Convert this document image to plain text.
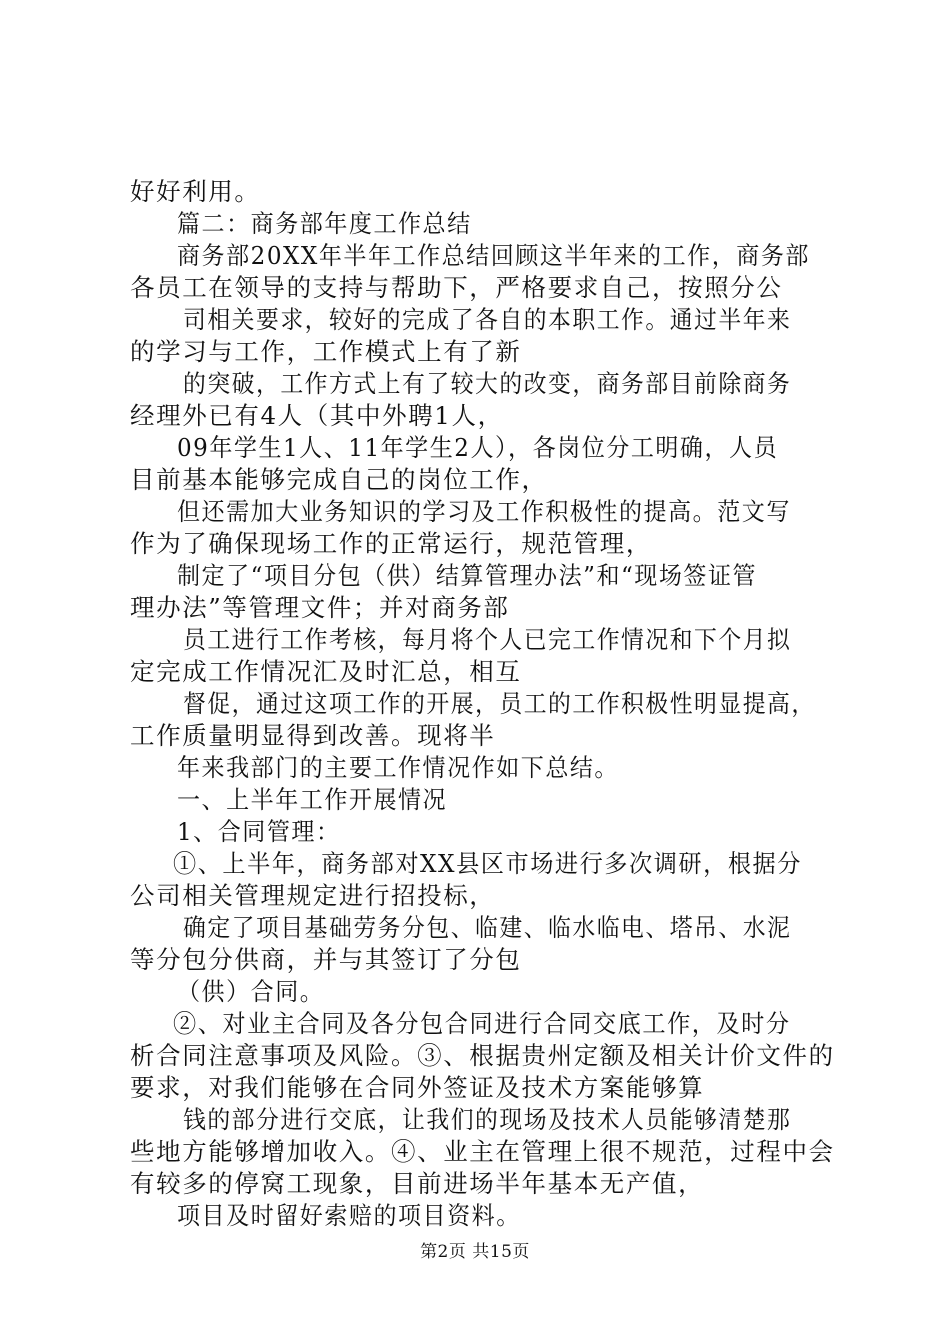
好好利用。
篇二：商务部年度工作总结
商务部20XX年半年工作总结回顾这半年来的工作，商务部
各员工在领导的支持与帮助下，严格要求自己，按照分公
司相关要求，较好的完成了各自的本职工作。通过半年来
的学习与工作，工作模式上有了新
的突破，工作方式上有了较大的改变，商务部目前除商务
经理外已有4人（其中外聘1人，
09年学生1人、11年学生2人），各岗位分工明确，人员
目前基本能够完成自己的岗位工作，
但还需加大业务知识的学习及工作积极性的提高。范文写
作为了确保现场工作的正常运行，规范管理，
制定了“项目分包（供）结算管理办法”和“现场签证管
理办法”等管理文件；并对商务部
员工进行工作考核，每月将个人已完工作情况和下个月拟
定完成工作情况汇及时汇总，相互
督促，通过这项工作的开展，员工的工作积极性明显提高，
工作质量明显得到改善。现将半
年来我部门的主要工作情况作如下总结。
一、上半年工作开展情况
1、合同管理：
①、上半年，商务部对XX县区市场进行多次调研，根据分
公司相关管理规定进行招投标，
确定了项目基础劳务分包、临建、临水临电、塔吊、水泥
等分包分供商，并与其签订了分包
（供）合同。
②、对业主合同及各分包合同进行合同交底工作，及时分
析合同注意事项及风险。③、根据贵州定额及相关计价文件的
要求，对我们能够在合同外签证及技术方案能够算
钱的部分进行交底，让我们的现场及技术人员能够清楚那
些地方能够增加收入。④、业主在管理上很不规范，过程中会
有较多的停窝工现象，目前进场半年基本无产值，
项目及时留好索赔的项目资料。
第2页 共15页
